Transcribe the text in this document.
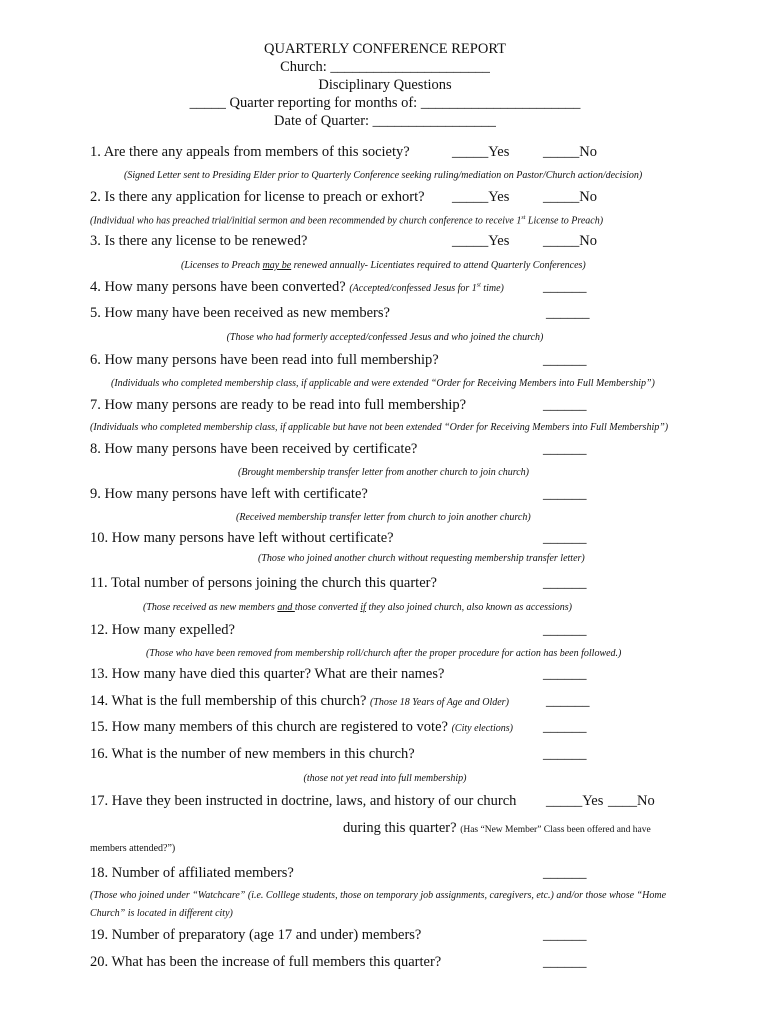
QUARTERLY CONFERENCE REPORT
Church: ______________________
Disciplinary Questions
_____ Quarter reporting for months of: ______________________
Date of Quarter: _________________
1. Are there any appeals from members of this society?	_____Yes _____No
(Signed Letter sent to Presiding Elder prior to Quarterly Conference seeking ruling/mediation on Pastor/Church action/decision)
2. Is there any application for license to preach or exhort? _____Yes _____No
(Individual who has preached trial/initial sermon and been recommended by church conference to receive 1st License to Preach)
3. Is there any license to be renewed?	_____Yes _____No
(Licenses to Preach may be renewed annually- Licentiates required to attend Quarterly Conferences)
4. How many persons have been converted? (Accepted/confessed Jesus for 1st time)	______
5. How many have been received as new members?	______
(Those who had formerly accepted/confessed Jesus and who joined the church)
6. How many persons have been read into full membership?	______
(Individuals who completed membership class, if applicable and were extended “Order for Receiving Members into Full Membership”)
7. How many persons are ready to be read into full membership?	______
(Individuals who completed membership class, if applicable but have not been extended “Order for Receiving Members into Full Membership”)
8. How many persons have been received by certificate?	______
(Brought membership transfer letter from another church to join church)
9. How many persons have left with certificate?	______
(Received membership transfer letter from church to join another church)
10. How many persons have left without certificate?	______
(Those who joined another church without requesting membership transfer letter)
11. Total number of persons joining the church this quarter?	______
(Those received as new members and those converted if they also joined church, also known as accessions)
12. How many expelled?	______
(Those who have been removed from membership roll/church after the proper procedure for action has been followed.)
13. How many have died this quarter? What are their names?	______
14. What is the full membership of this church? (Those 18 Years of Age and Older)	______
15. How many members of this church are registered to vote? (City elections) ______
16. What is the number of new members in this church?	______
(those not yet read into full membership)
17. Have they been instructed in doctrine, laws, and history of our church _____Yes ____No
during this quarter? (Has “New Member” Class been offered and have
members attended?”)
18. Number of affiliated members?	______
(Those who joined under “Watchcare” (i.e. Colllege students, those on temporary job assignments, caregivers, etc.) and/or those whose “Home
Church” is located in different city)
19. Number of preparatory (age 17 and under) members?	______
20. What has been the increase of full members this quarter?	______
